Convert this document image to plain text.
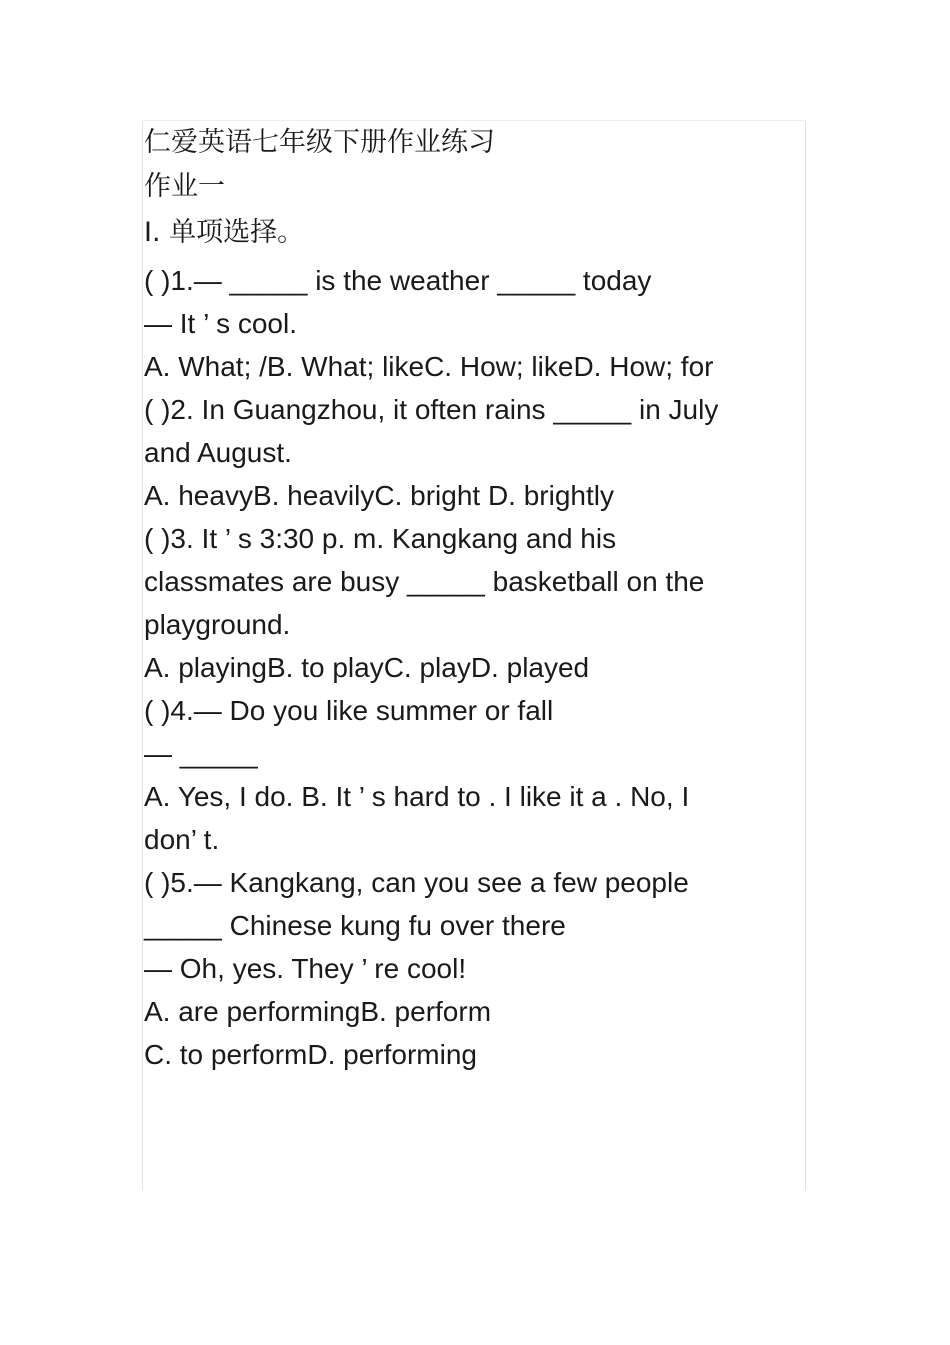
仁爱英语七年级下册作业练习
作业一
Ⅰ. 单项选择。
( )1.— _____ is the weather _____ today
— It ’ s cool.
A. What; /B. What; likeC. How; likeD. How; for
( )2. In Guangzhou, it often rains _____ in July
and August.
A. heavyB. heavilyC. bright D. brightly
( )3. It ’ s 3:30 p. m. Kangkang and his
classmates are busy _____ basketball on the
playground.
A. playingB. to playC. playD. played
( )4.— Do you like summer or fall
— _____
A. Yes, I do. B. It ’ s hard to . I like it a . No, I
don’ t.
( )5.— Kangkang, can you see a few people
_____ Chinese kung fu over there
— Oh, yes. They ’ re cool!
A. are performingB. perform
C. to performD. performing
